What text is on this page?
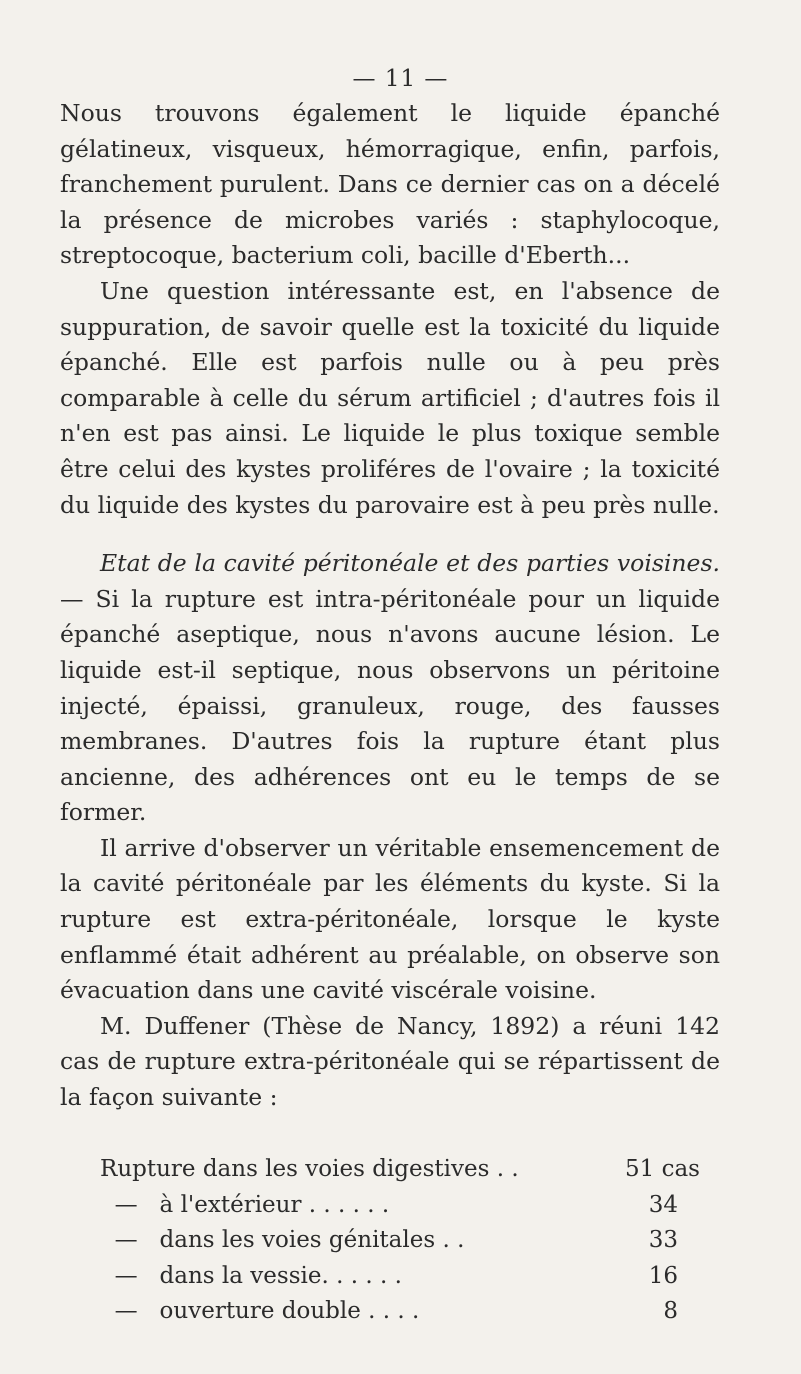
— 11 —

Nous trouvons également le liquide épanché gélatineux, visqueux, hémorragique, enfin, parfois, franchement purulent. Dans ce dernier cas on a décelé la présence de microbes variés : staphylocoque, streptocoque, bacterium coli, bacille d'Eberth...

Une question intéressante est, en l'absence de suppuration, de savoir quelle est la toxicité du liquide épanché. Elle est parfois nulle ou à peu près comparable à celle du sérum artificiel ; d'autres fois il n'en est pas ainsi. Le liquide le plus toxique semble être celui des kystes proliféres de l'ovaire ; la toxicité du liquide des kystes du parovaire est à peu près nulle.

Etat de la cavité péritonéale et des parties voisines. — Si la rupture est intra-péritonéale pour un liquide épanché aseptique, nous n'avons aucune lésion. Le liquide est-il septique, nous observons un péritoine injecté, épaissi, granuleux, rouge, des fausses membranes. D'autres fois la rupture étant plus ancienne, des adhérences ont eu le temps de se former.

Il arrive d'observer un véritable ensemencement de la cavité péritonéale par les éléments du kyste. Si la rupture est extra-péritonéale, lorsque le kyste enflammé était adhérent au préalable, on observe son évacuation dans une cavité viscérale voisine.

M. Duffener (Thèse de Nancy, 1892) a réuni 142 cas de rupture extra-péritonéale qui se répartissent de la façon suivante :

Rupture dans les voies digestives . .	51 cas
—   à l'extérieur . . . . . .	34
—   dans les voies génitales . .	33
—   dans la vessie. . . . . .	16
—   ouverture double . . . .	8
